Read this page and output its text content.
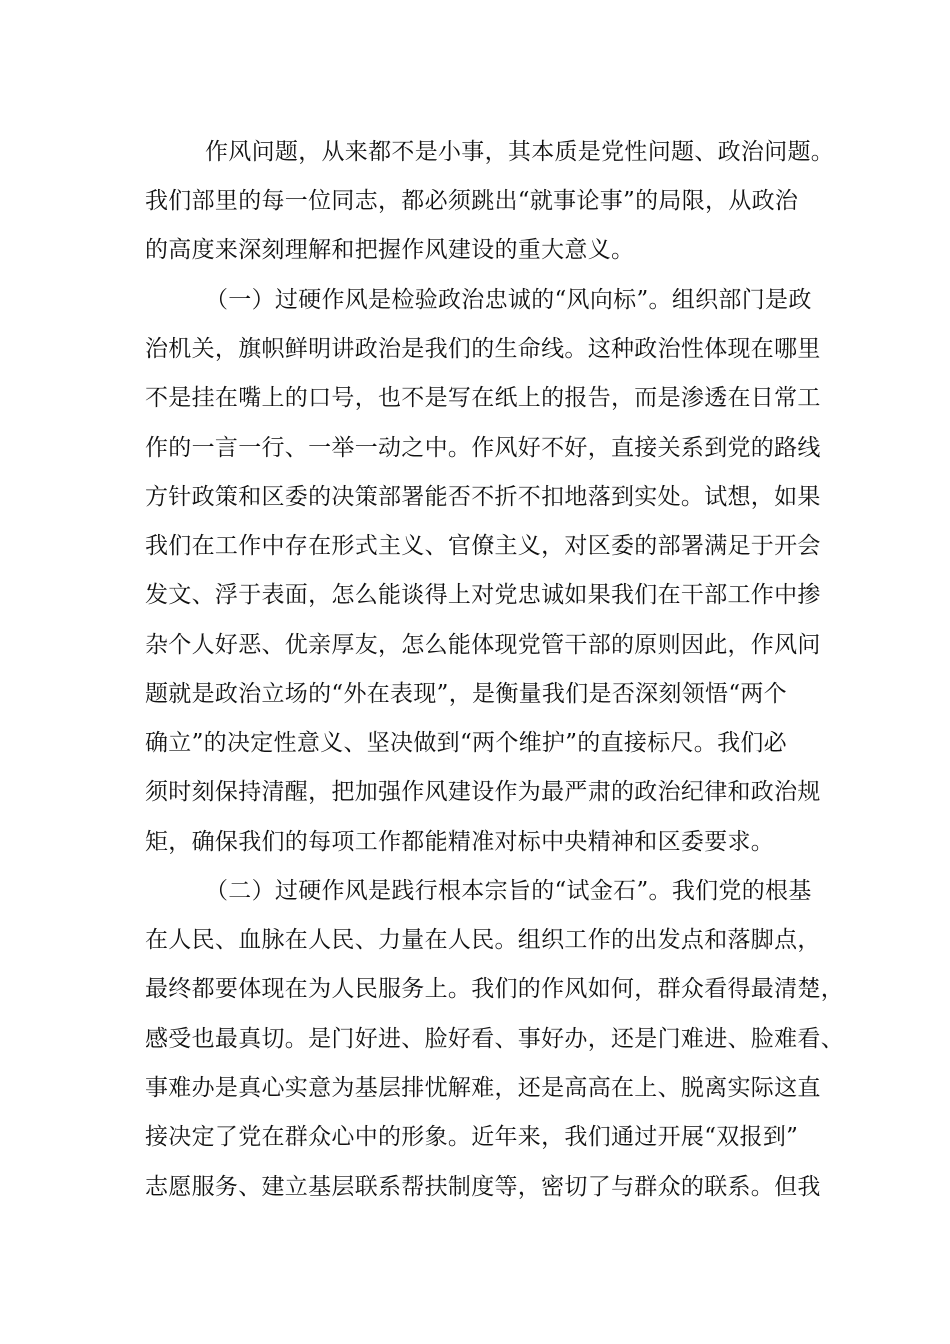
作风问题，从来都不是小事，其本质是党性问题、政治问题。
我们部里的每一位同志，都必须跳出“就事论事”的局限，从政治
的高度来深刻理解和把握作风建设的重大意义。
（一）过硬作风是检验政治忠诚的“风向标”。组织部门是政
治机关，旗帜鲜明讲政治是我们的生命线。这种政治性体现在哪里
不是挂在嘴上的口号，也不是写在纸上的报告，而是渗透在日常工
作的一言一行、一举一动之中。作风好不好，直接关系到党的路线
方针政策和区委的决策部署能否不折不扣地落到实处。试想，如果
我们在工作中存在形式主义、官僚主义，对区委的部署满足于开会
发文、浮于表面，怎么能谈得上对党忠诚如果我们在干部工作中掺
杂个人好恶、优亲厚友，怎么能体现党管干部的原则因此，作风问
题就是政治立场的“外在表现”，是衡量我们是否深刻领悟“两个
确立”的决定性意义、坚决做到“两个维护”的直接标尺。我们必
须时刻保持清醒，把加强作风建设作为最严肃的政治纪律和政治规
矩，确保我们的每项工作都能精准对标中央精神和区委要求。
（二）过硬作风是践行根本宗旨的“试金石”。我们党的根基
在人民、血脉在人民、力量在人民。组织工作的出发点和落脚点，
最终都要体现在为人民服务上。我们的作风如何，群众看得最清楚，
感受也最真切。是门好进、脸好看、事好办，还是门难进、脸难看、
事难办是真心实意为基层排忧解难，还是高高在上、脱离实际这直
接决定了党在群众心中的形象。近年来，我们通过开展“双报到”
志愿服务、建立基层联系帮扶制度等，密切了与群众的联系。但我
